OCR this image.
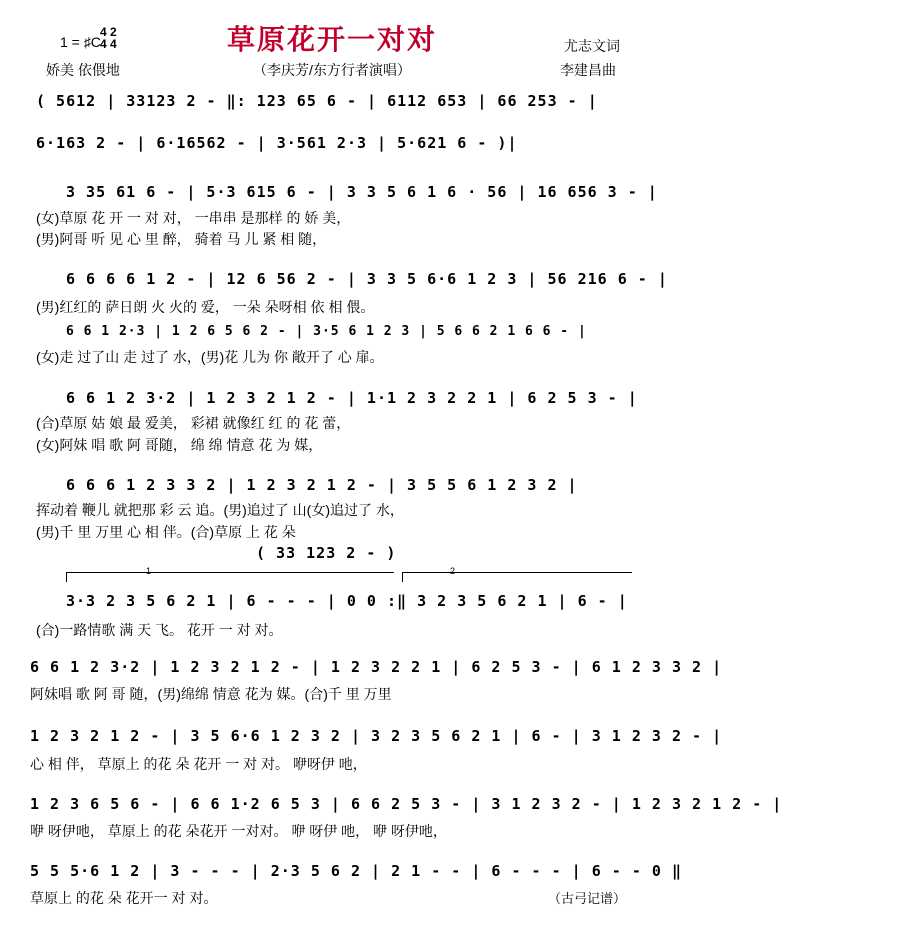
草原花开一对对
1 = ♯C
4 2
4 4
娇美 依偎地	（李庆芳/东方行者演唱）
尤志文词
李建昌曲
( 5612 | 33123 2 - ‖: 123 65 6 - | 6112 653 | 66 253 - |
6·163 2 - | 6·16562 - | 3·561 2·3 | 5·621 6 - )|
3 35 61 6 - | 5·3 615 6 - | 3 3 5 6 1 6 · 56 | 16 656 3 - |
(女)草原 花 开 一 对 对， 一串串 是那样 的 娇 美，
(男)阿哥 听 见 心 里 醉， 骑着 马 儿 紧 相 随，
6 6 6 6 1 2 - | 12 6 56 2 - | 3 3 5 6·6 1 2 3 | 56 216 6 - |
(男)红红的 萨日朗 火 火的 爱， 一朵 朵呀相 依 相 偎。
6 6 1 2·3 | 1 2 6 5 6 2 - | 3·5 6 1 2 3 | 5 6 6 2 1 6 6 - |
(女)走 过了山 走 过了 水，(男)花 儿为 你 敞开了 心 扉。
6 6 1 2 3·2 | 1 2 3 2 1 2 - | 1·1 2 3 2 2 1 | 6 2 5 3 - |
(合)草原 姑 娘 最 爱美， 彩裙 就像红 红 的 花 蕾，
(女)阿妹 唱 歌 阿 哥随， 绵 绵 情意 花 为 媒，
6 6 6 1 2 3 3 2 | 1 2 3 2 1 2 - | 3 5 5 6 1 2 3 2 |
挥动着 鞭儿 就把那 彩 云 追。(男)追过了 山(女)追过了 水，
(男)千 里 万里 心 相 伴。(合)草原 上 花 朵
( 33 123 2 - )
1	2
3·3 2 3 5 6 2 1 | 6 - - - | 0 0 :‖ 3 2 3 5 6 2 1 | 6 - |
(合)一路情歌 满 天 飞。 花开 一 对 对。
6 6 1 2 3·2 | 1 2 3 2 1 2 - | 1 2 3 2 2 1 | 6 2 5 3 - | 6 1 2 3 3 2 |
阿妹唱 歌 阿 哥 随，(男)绵绵 情意 花为 媒。(合)千 里 万里
1 2 3 2 1 2 - | 3 5 6·6 1 2 3 2 | 3 2 3 5 6 2 1 | 6 - | 3 1 2 3 2 - |
心 相 伴， 草原上 的花 朵 花开 一 对 对。 咿呀伊 吔，
1 2 3 6 5 6 - | 6 6 1·2 6 5 3 | 6 6 2 5 3 - | 3 1 2 3 2 - | 1 2 3 2 1 2 - |
咿 呀伊吔， 草原上 的花 朵花开 一对对。 咿 呀伊 吔， 咿 呀伊吔，
5 5 5·6 1 2 | 3 - - - | 2·3 5 6 2 | 2 1 - - | 6 - - - | 6 - - 0 ‖
草原上 的花 朵 花开一 对 对。	（古弓记谱）
